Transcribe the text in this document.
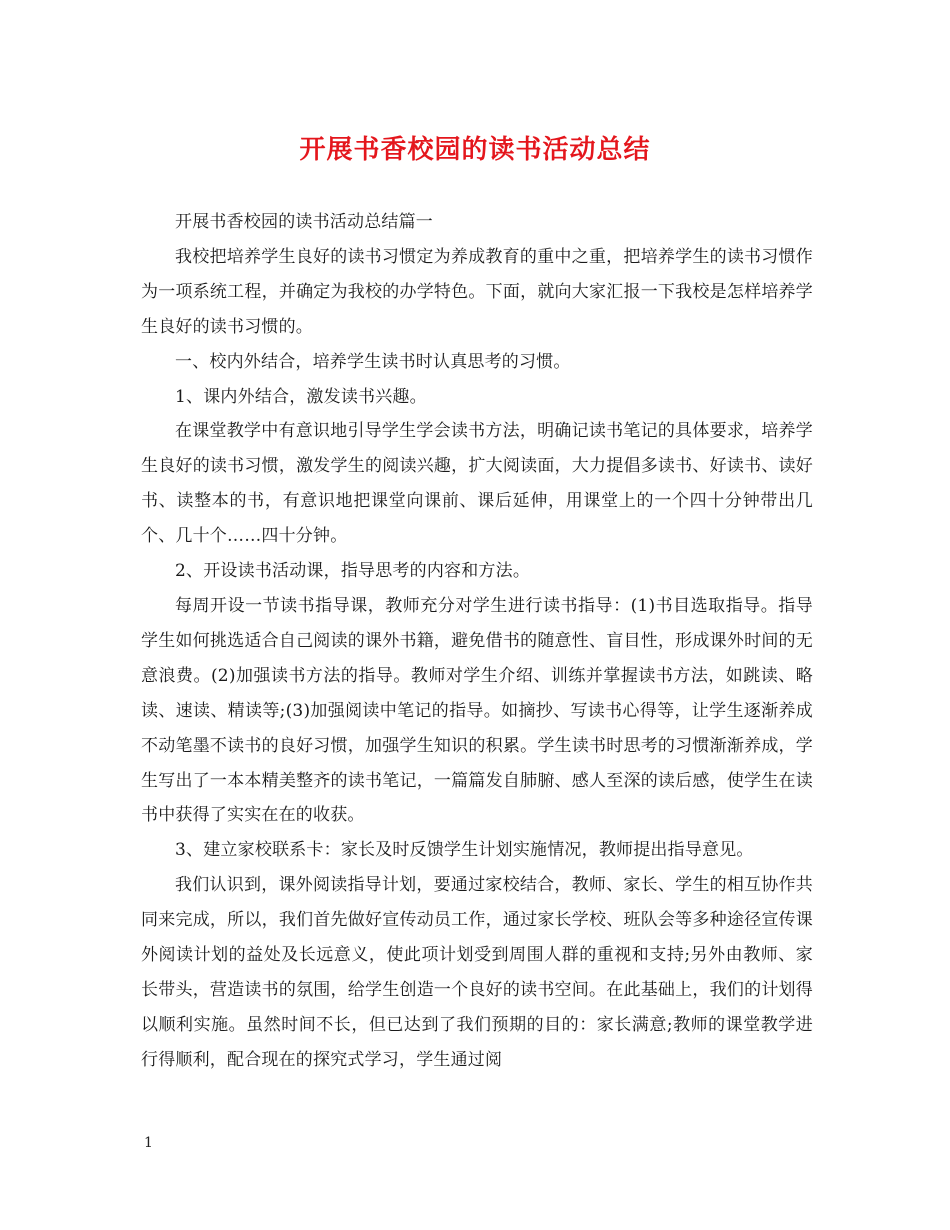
开展书香校园的读书活动总结

开展书香校园的读书活动总结篇一

我校把培养学生良好的读书习惯定为养成教育的重中之重，把培养学生的读书习惯作为一项系统工程，并确定为我校的办学特色。下面，就向大家汇报一下我校是怎样培养学生良好的读书习惯的。

一、校内外结合，培养学生读书时认真思考的习惯。

1、课内外结合，激发读书兴趣。

在课堂教学中有意识地引导学生学会读书方法，明确记读书笔记的具体要求，培养学生良好的读书习惯，激发学生的阅读兴趣，扩大阅读面，大力提倡多读书、好读书、读好书、读整本的书，有意识地把课堂向课前、课后延伸，用课堂上的一个四十分钟带出几个、几十个……四十分钟。

2、开设读书活动课，指导思考的内容和方法。

每周开设一节读书指导课，教师充分对学生进行读书指导：(1)书目选取指导。指导学生如何挑选适合自己阅读的课外书籍，避免借书的随意性、盲目性，形成课外时间的无意浪费。(2)加强读书方法的指导。教师对学生介绍、训练并掌握读书方法，如跳读、略读、速读、精读等;(3)加强阅读中笔记的指导。如摘抄、写读书心得等，让学生逐渐养成不动笔墨不读书的良好习惯，加强学生知识的积累。学生读书时思考的习惯渐渐养成，学生写出了一本本精美整齐的读书笔记，一篇篇发自肺腑、感人至深的读后感，使学生在读书中获得了实实在在的收获。

3、建立家校联系卡：家长及时反馈学生计划实施情况，教师提出指导意见。

我们认识到，课外阅读指导计划，要通过家校结合，教师、家长、学生的相互协作共同来完成，所以，我们首先做好宣传动员工作，通过家长学校、班队会等多种途径宣传课外阅读计划的益处及长远意义，使此项计划受到周围人群的重视和支持;另外由教师、家长带头，营造读书的氛围，给学生创造一个良好的读书空间。在此基础上，我们的计划得以顺利实施。虽然时间不长，但已达到了我们预期的目的：家长满意;教师的课堂教学进行得顺利，配合现在的探究式学习，学生通过阅

1
